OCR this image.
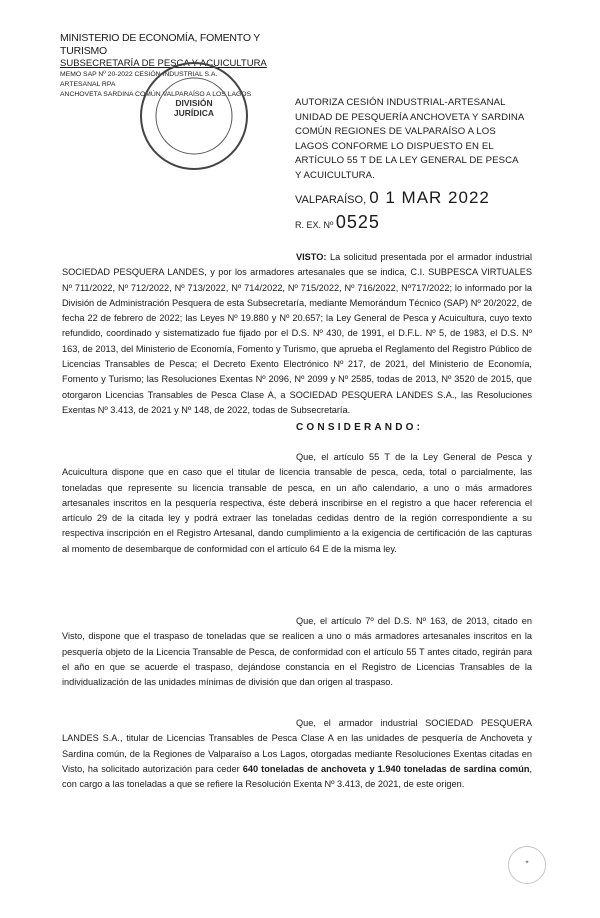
MINISTERIO DE ECONOMÍA, FOMENTO Y TURISMO
SUBSECRETARÍA DE PESCA Y ACUICULTURA
MEMO SAP Nº 20-2022 CESIÓN INDUSTRIAL S.A.
ARTESANAL RPA
ANCHOVETA SARDINA COMÚN VALPARAÍSO A LOS LAGOS
DIVISIÓN JURÍDICA
AUTORIZA CESIÓN INDUSTRIAL-ARTESANAL UNIDAD DE PESQUERÍA ANCHOVETA Y SARDINA COMÚN REGIONES DE VALPARAÍSO A LOS LAGOS CONFORME LO DISPUESTO EN EL ARTÍCULO 55 T DE LA LEY GENERAL DE PESCA Y ACUICULTURA.
VALPARAÍSO, 0 1 MAR 2022
R. EX. Nº 0525
VISTO: La solicitud presentada por el armador industrial SOCIEDAD PESQUERA LANDES, y por los armadores artesanales que se indica, C.I. SUBPESCA VIRTUALES Nº 711/2022, Nº 712/2022, Nº 713/2022, Nº 714/2022, Nº 715/2022, Nº 716/2022, Nº717/2022; lo informado por la División de Administración Pesquera de esta Subsecretaría, mediante Memorándum Técnico (SAP) Nº 20/2022, de fecha 22 de febrero de 2022; las Leyes Nº 19.880 y Nº 20.657; la Ley General de Pesca y Acuicultura, cuyo texto refundido, coordinado y sistematizado fue fijado por el D.S. Nº 430, de 1991, el D.F.L. Nº 5, de 1983, el D.S. Nº 163, de 2013, del Ministerio de Economía, Fomento y Turismo, que aprueba el Reglamento del Registro Público de Licencias Transables de Pesca; el Decreto Exento Electrónico Nº 217, de 2021, del Ministerio de Economía, Fomento y Turismo; las Resoluciones Exentas Nº 2096, Nº 2099 y Nº 2585, todas de 2013, Nº 3520 de 2015, que otorgaron Licencias Transables de Pesca Clase A, a SOCIEDAD PESQUERA LANDES S.A., las Resoluciones Exentas Nº 3.413, de 2021 y Nº 148, de 2022, todas de Subsecretaría.
CONSIDERANDO:
Que, el artículo 55 T de la Ley General de Pesca y Acuicultura dispone que en caso que el titular de licencia transable de pesca, ceda, total o parcialmente, las toneladas que represente su licencia transable de pesca, en un año calendario, a uno o más armadores artesanales inscritos en la pesquería respectiva, éste deberá inscribirse en el registro a que hacer referencia el artículo 29 de la citada ley y podrá extraer las toneladas cedidas dentro de la región correspondiente a su respectiva inscripción en el Registro Artesanal, dando cumplimiento a la exigencia de certificación de las capturas al momento de desembarque de conformidad con el artículo 64 E de la misma ley.
Que, el artículo 7º del D.S. Nº 163, de 2013, citado en Visto, dispone que el traspaso de toneladas que se realicen a uno o más armadores artesanales inscritos en la pesquería objeto de la Licencia Transable de Pesca, de conformidad con el artículo 55 T antes citado, regirán para el año en que se acuerde el traspaso, dejándose constancia en el Registro de Licencias Transables de la individualización de las unidades mínimas de división que dan origen al traspaso.
Que, el armador industrial SOCIEDAD PESQUERA LANDES S.A., titular de Licencias Transables de Pesca Clase A en las unidades de pesquería de Anchoveta y Sardina común, de la Regiones de Valparaíso a Los Lagos, otorgadas mediante Resoluciones Exentas citadas en Visto, ha solicitado autorización para ceder 640 toneladas de anchoveta y 1.940 toneladas de sardina común, con cargo a las toneladas a que se refiere la Resolución Exenta Nº 3.413, de 2021, de este origen.
✦
